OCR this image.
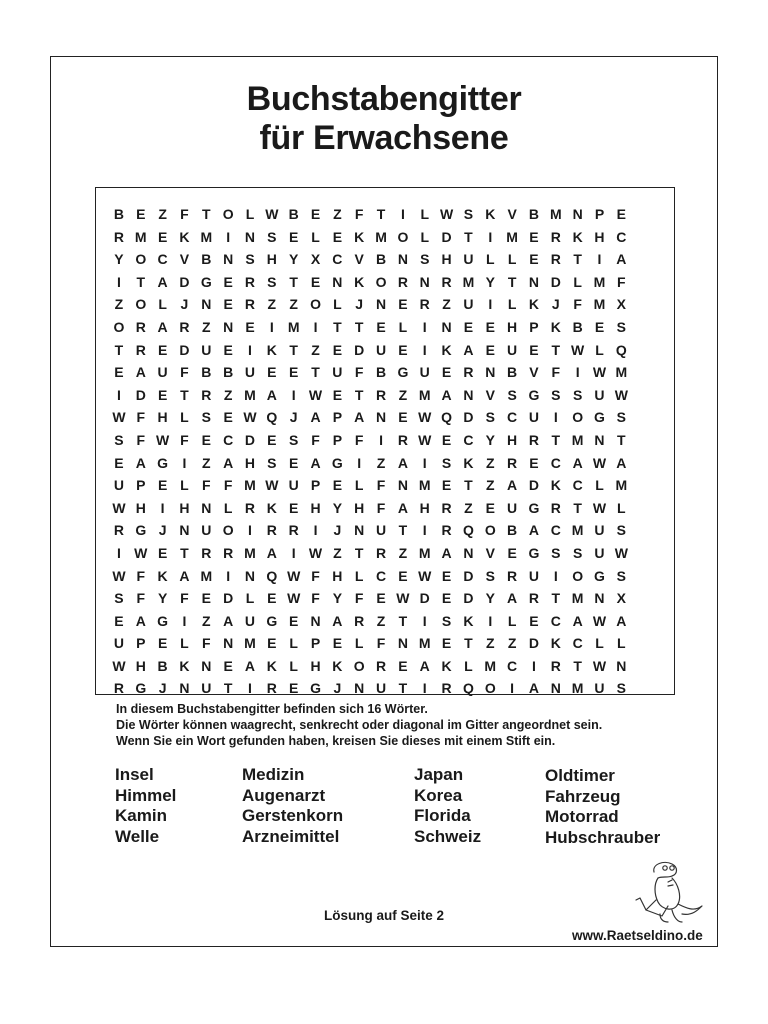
Buchstabengitter
für Erwachsene
B E Z F T O L W B E Z F T	I	L W S K V B M N P E
R M E K M	I	N S E L E K M O L D T	I	M E R K H C
Y O C V B N S H Y X C V B N S H U L L E R T	I	A
I	T A D G E R S T E N K O R N R M Y T N D L M F
Z O L J N E R Z Z O L J N E R Z U	I	L K J F M X
O R A R Z N E	I	M	I	T T E L	I	N E E H P K B E S
T R E D U E	I	K T Z E D U E	I	K A E U E T W L Q
E A U F B B U E E T U F B G U E R N B V F	I W M
I	D E T R Z M A	I W E T R Z M A N V S G S S U W
W F H L S E W Q J A P A N E W Q D S C U	I	O G S
S F W F E C D E S F P F	I	R W E C Y H R T M N T
E A G	I	Z A H S E A G	I	Z A	I	S K Z R E C A W A
U P E L F F M W U P E L F N M E T Z A D K C L M
W H	I	H N L R K E H Y H F A H R Z E U G R T W L
R G J N U O	I	R R	I	J N U T	I	R Q O B A C M U S
I W E T R R M A	I W Z T R Z M A N V E G S S U W
W F K A M	I	N Q W F H L C E W E D S R U	I	O G S
S F Y F E D L E W F Y F E W D E D Y A R T M N X
E A G	I	Z A U G E N A R Z T	I	S K	I	L E C A W A
U P E L F N M E L P E L F N M E T Z Z D K C L L
W H B K N E A K L H K O R E A K L M C	I	R T W N
R G J N U T	I	R E G J N U T	I	R Q O	I	A N M U S
In diesem Buchstabengitter befinden sich 16 Wörter.
Die Wörter können waagrecht, senkrecht oder diagonal im Gitter angeordnet sein.
Wenn Sie ein Wort gefunden haben, kreisen Sie dieses mit einem Stift ein.
Insel
Himmel
Kamin
Welle
Medizin
Augenarzt
Gerstenkorn
Arzneimittel
Japan
Korea
Florida
Schweiz
Oldtimer
Fahrzeug
Motorrad
Hubschrauber
Lösung auf Seite 2
www.Raetseldino.de
